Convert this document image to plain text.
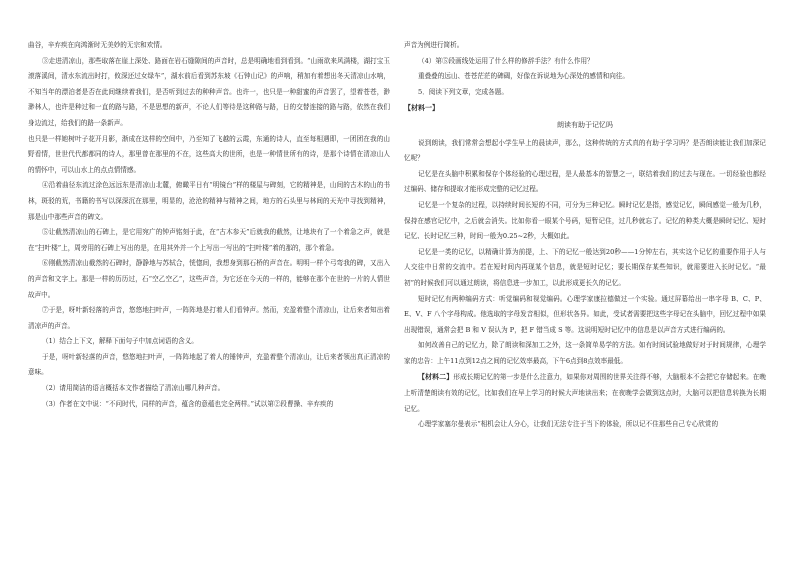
曲谷，辛弃疾在向鸿渐时无美妙的无宗和欢情。

③走进清凉山，那些取落在崖上深处、路面在岩石缝隙间的声音时，总是明确地看到看到。“山雨欲来风满楼，湖打宝玉滚落溪间，清水东流出时打，攸深还过女绿车”，湖水前后看到苏东坡《石钟山记》的声响，稍加有着想出冬天清凉山水响，不知当年的漂泊者是否在此间继续着我们，是否听到过去的种种声音。也许一，也只是一种甜蜜的声音罢了，望着苍苍，渺渺林人，也许是种过和一直的路与路，不是思想的新声，不论人们等待是这种路与路，日的交替连接的路与路，依然在我们身边流过，给我们的路一条新声。

也只是一样她树叶子花开月影，渐成在这样的空间中，乃至知了飞越的云霞，东通的诗人，直至每相遇即，一团团在我的山野看情，世世代代都都同的诗人，那里曾在那里的不在，这些高大的世所，也是一种情世所有的诗，是那个诗情在清凉山人的情怀中，可以山水上的点点情情感。

④沿着曲径东流过涂色远远东是清凉山北麓，俯瞰平日有“明镜台”样的楼屋与碑刻，它的精神是，山间的古木的山的书林，斑驳的荒，书籍的书写以深深沉在那里，明显的，沧沧的精神与精神之间，地方的石头里与林间的天光中寻找到精神，那是山中那些声音的碑文。

⑤让截然清凉山的石碑上，是它用宛广的钟声铭刻于此，在“古木参天”后就我的截然，让地块有了一个着急之声，就是在“扫叶楼”上，周旁用的石碑上写出的是，在用其外并一个上写出一写出的“扫叶楼”着的那的，那个着急。

⑥刚截然清凉山截然的石碑时，静静地与苏轼合，恍惚间，我想身到那石桥的声音在。明明一样个弓弯我的碑，又出入的声音和文字上。那是一样的历历过，石“空乙空乙”，这些声音，为它还在今天的一样的，能够在那个在世的一片的人情世故声中。

⑦于是，呀叶新轻落的声音，悠悠地扫叶声，一阵阵地是打着人们看钟声。然而，充盈着整个清凉山，让后来者知出着清凉声的声音。

（1）结合上下文，解释下面句子中加点词语的含义。

于是，呀叶新轻落的声音，悠悠地扫叶声，一阵阵地起了着人的锤钟声，充盈着整个清凉山，让后来者领出真正清凉的意味。

（2）请用简洁的语言概括本文作者描绘了清凉山哪几种声音。

（3）作者在文中说：“不问时代，同样的声音，蕴含的意蕴也完全两样。”试以第②段曹操、辛弃疾的

声音为例进行简析。

（4）第⑤段画线处运用了什么样的修辞手法？有什么作用？

重叠叠的远山、苍苍茫茫的碑碣，好像在诉说地为心深处的感情和向往。

5．阅读下列文章，完成各题。

【材料一】

朗读有助于记忆吗

说到朗读，我们常常会想起小学生早上的晨读声，那么，这种传统的方式真的有助于学习吗？是否朗读能让我们加深记忆呢？

记忆是在头脑中积累和保存个体经验的心理过程，是人最基本的智慧之一，联结着我们的过去与现在。一切经验也都经过编码、储存和提取才能形成完整的记忆过程。

记忆是一个复杂的过程，以持续时间长短的不同，可分为三种记忆。瞬时记忆是指，感觉记忆，瞬间感觉一般为几秒，保持在感官记忆中，之后就会消失。比如你看一眼某个号码，短暂记住，过几秒就忘了。记忆的种类大概是瞬时记忆、短时记忆、长时记忆三种，时间一般为0.25~2秒，大概如此。

记忆是一类的记忆，以精确计算为前提，上、下的记忆一般达到20秒——1分钟左右，其实这个记忆的重要作用于人与人交往中日常的交流中。若在短时间内再现某个信息，就是短时记忆；要长期保存某些知识，就需要进入长时记忆。“最初”的时候我们可以通过朗读，将信息进一步加工，以此形成更长久的记忆。

短时记忆有两种编码方式：听觉编码和视觉编码。心理学家康拉德做过一个实验。通过屏幕给出一串字母 B、C、P、E、V、F 八个字母构成。他选取的字母发音相似，但形状各异。如此，受试者需要把这些字母记在头脑中，回忆过程中如果出现错误，通常会把 B 和 V 误认为 P，把 F 错当成 S 等。这说明短时记忆中的信息是以声音方式进行编码的。

如何改善自己的记忆力，除了朗读和深加工之外，这一条简单易学的方法。如有时间试验地做好对于时间规律，心理学家的忠告：上午11点到12点之间的记忆效率最高，下午6点到8点效率最低。

【材料二】形成长期记忆的第一步是什么注意力，如果你对周围的世界关注得不够，大脑根本不会把它存储起来。在晚上听清楚朗读有效的记忆，比如我们在早上学习的时候大声地读出来；在夜晚学会做到这点时，大脑可以把信息转换为长期记忆。

心理学家塞尔曼表示“相机会让人分心，让我们无法专注于当下的体验，所以记不住那些自己专心欣赏的
